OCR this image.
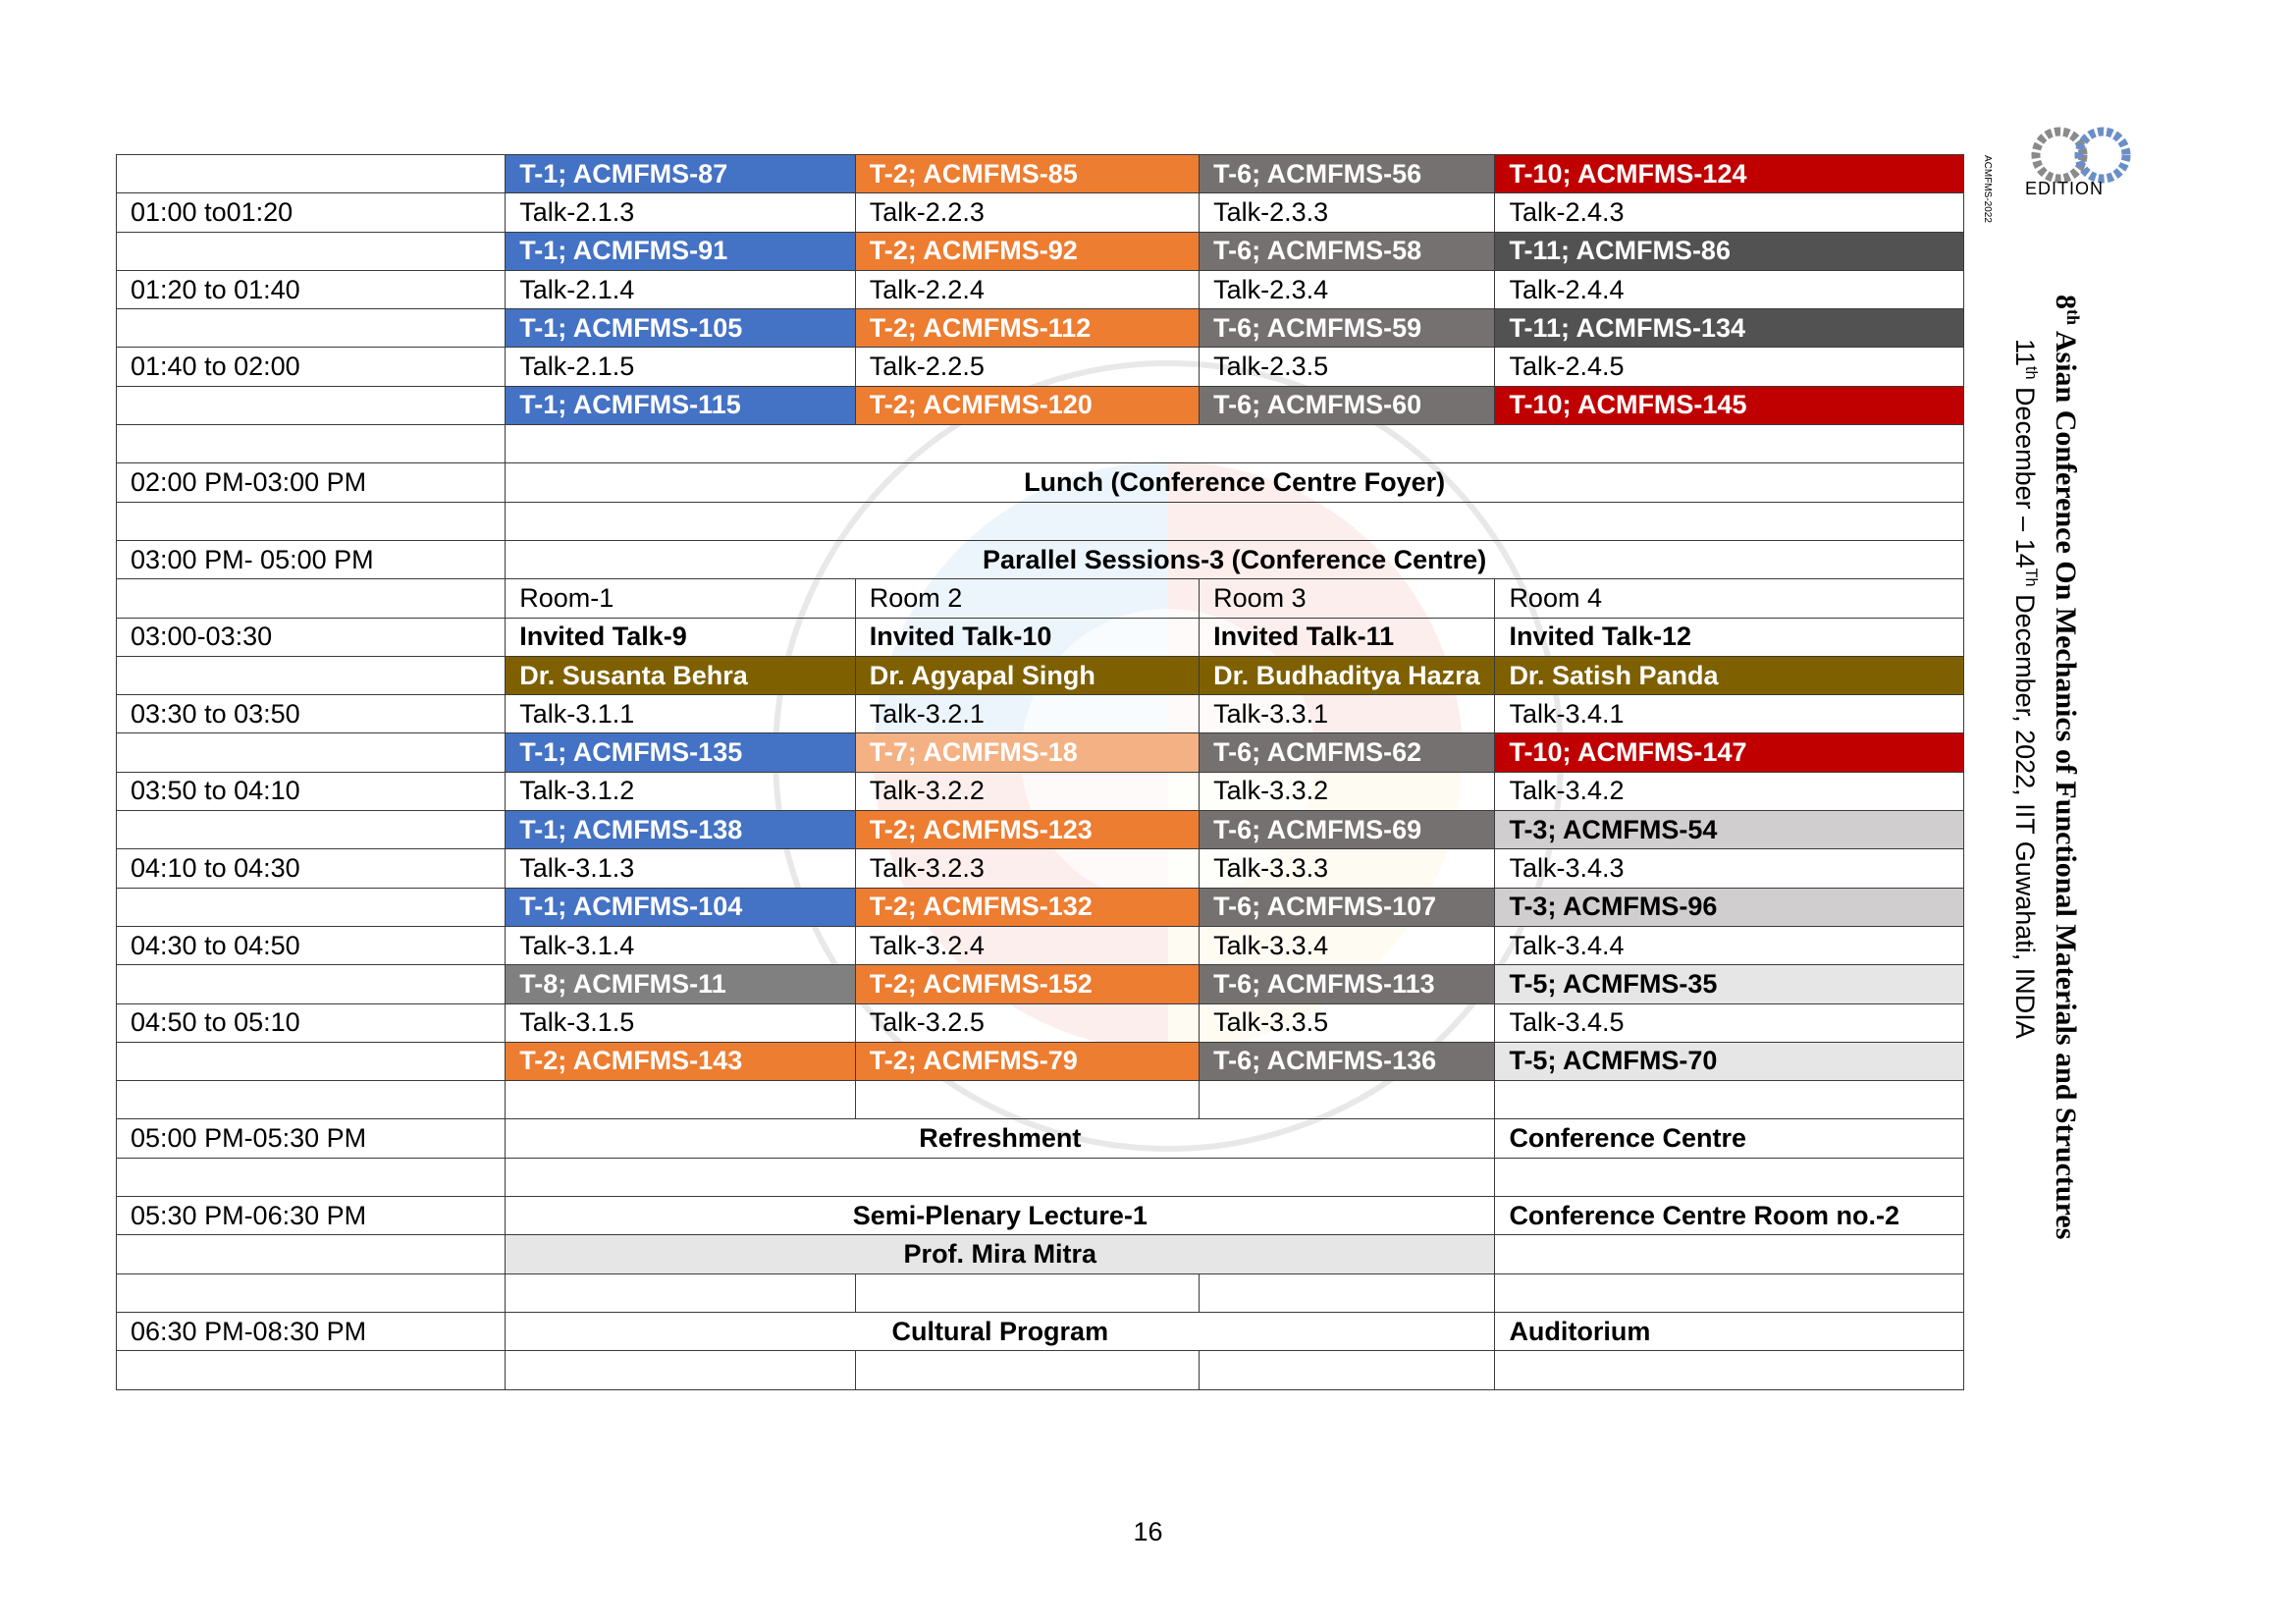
	T-1; ACMFMS-87	T-2; ACMFMS-85	T-6; ACMFMS-56	T-10; ACMFMS-124
01:00 to01:20	Talk-2.1.3	Talk-2.2.3	Talk-2.3.3	Talk-2.4.3
	T-1; ACMFMS-91	T-2; ACMFMS-92	T-6; ACMFMS-58	T-11; ACMFMS-86
01:20 to 01:40	Talk-2.1.4	Talk-2.2.4	Talk-2.3.4	Talk-2.4.4
	T-1; ACMFMS-105	T-2; ACMFMS-112	T-6; ACMFMS-59	T-11; ACMFMS-134
01:40 to 02:00	Talk-2.1.5	Talk-2.2.5	Talk-2.3.5	Talk-2.4.5
	T-1; ACMFMS-115	T-2; ACMFMS-120	T-6; ACMFMS-60	T-10; ACMFMS-145

02:00 PM-03:00 PM	Lunch (Conference Centre Foyer)			

03:00 PM- 05:00 PM	Parallel Sessions-3 (Conference Centre)			
	Room-1	Room 2	Room 3	Room 4
03:00-03:30	Invited Talk-9	Invited Talk-10	Invited Talk-11	Invited Talk-12
	Dr. Susanta Behra	Dr. Agyapal Singh	Dr. Budhaditya Hazra	Dr. Satish Panda
03:30 to 03:50	Talk-3.1.1	Talk-3.2.1	Talk-3.3.1	Talk-3.4.1
	T-1; ACMFMS-135	T-7; ACMFMS-18	T-6; ACMFMS-62	T-10; ACMFMS-147
03:50 to 04:10	Talk-3.1.2	Talk-3.2.2	Talk-3.3.2	Talk-3.4.2
	T-1; ACMFMS-138	T-2; ACMFMS-123	T-6; ACMFMS-69	T-3; ACMFMS-54
04:10 to 04:30	Talk-3.1.3	Talk-3.2.3	Talk-3.3.3	Talk-3.4.3
	T-1; ACMFMS-104	T-2; ACMFMS-132	T-6; ACMFMS-107	T-3; ACMFMS-96
04:30 to 04:50	Talk-3.1.4	Talk-3.2.4	Talk-3.3.4	Talk-3.4.4
	T-8; ACMFMS-11	T-2; ACMFMS-152	T-6; ACMFMS-113	T-5; ACMFMS-35
04:50 to 05:10	Talk-3.1.5	Talk-3.2.5	Talk-3.3.5	Talk-3.4.5
	T-2; ACMFMS-143	T-2; ACMFMS-79	T-6; ACMFMS-136	T-5; ACMFMS-70

05:00 PM-05:30 PM	Refreshment			Conference Centre

05:30 PM-06:30 PM	Semi-Plenary Lecture-1			Conference Centre Room no.-2
	Prof. Mira Mitra			

06:30 PM-08:30 PM	Cultural Program			Auditorium

EDITION
ACMFMS-2022
8th Asian Conference On Mechanics of Functional Materials and Structures
11th December – 14Th December, 2022, IIT Guwahati, INDIA
16
